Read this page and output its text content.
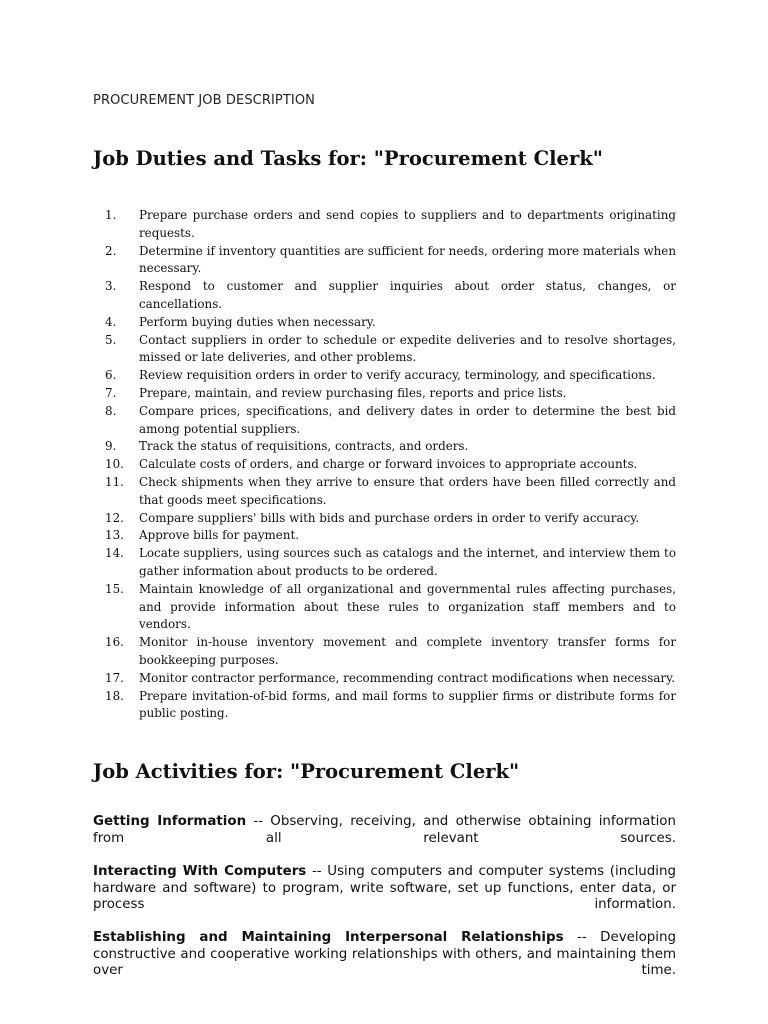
PROCUREMENT JOB DESCRIPTION
Job Duties and Tasks for: "Procurement Clerk"
1.	Prepare purchase orders and send copies to suppliers and to departments originating requests.
2.	Determine if inventory quantities are sufficient for needs, ordering more materials when necessary.
3.	Respond to customer and supplier inquiries about order status, changes, or cancellations.
4.	Perform buying duties when necessary.
5.	Contact suppliers in order to schedule or expedite deliveries and to resolve shortages, missed or late deliveries, and other problems.
6.	Review requisition orders in order to verify accuracy, terminology, and specifications.
7.	Prepare, maintain, and review purchasing files, reports and price lists.
8.	Compare prices, specifications, and delivery dates in order to determine the best bid among potential suppliers.
9.	Track the status of requisitions, contracts, and orders.
10.	Calculate costs of orders, and charge or forward invoices to appropriate accounts.
11.	Check shipments when they arrive to ensure that orders have been filled correctly and that goods meet specifications.
12.	Compare suppliers' bills with bids and purchase orders in order to verify accuracy.
13.	Approve bills for payment.
14.	Locate suppliers, using sources such as catalogs and the internet, and interview them to gather information about products to be ordered.
15.	Maintain knowledge of all organizational and governmental rules affecting purchases, and provide information about these rules to organization staff members and to vendors.
16.	Monitor in-house inventory movement and complete inventory transfer forms for bookkeeping purposes.
17.	Monitor contractor performance, recommending contract modifications when necessary.
18.	Prepare invitation-of-bid forms, and mail forms to supplier firms or distribute forms for public posting.
Job Activities for: "Procurement Clerk"

Getting Information -- Observing, receiving, and otherwise obtaining information from all relevant sources.

Interacting With Computers -- Using computers and computer systems (including hardware and software) to program, write software, set up functions, enter data, or process information.

Establishing and Maintaining Interpersonal Relationships -- Developing constructive and cooperative working relationships with others, and maintaining them over time.
